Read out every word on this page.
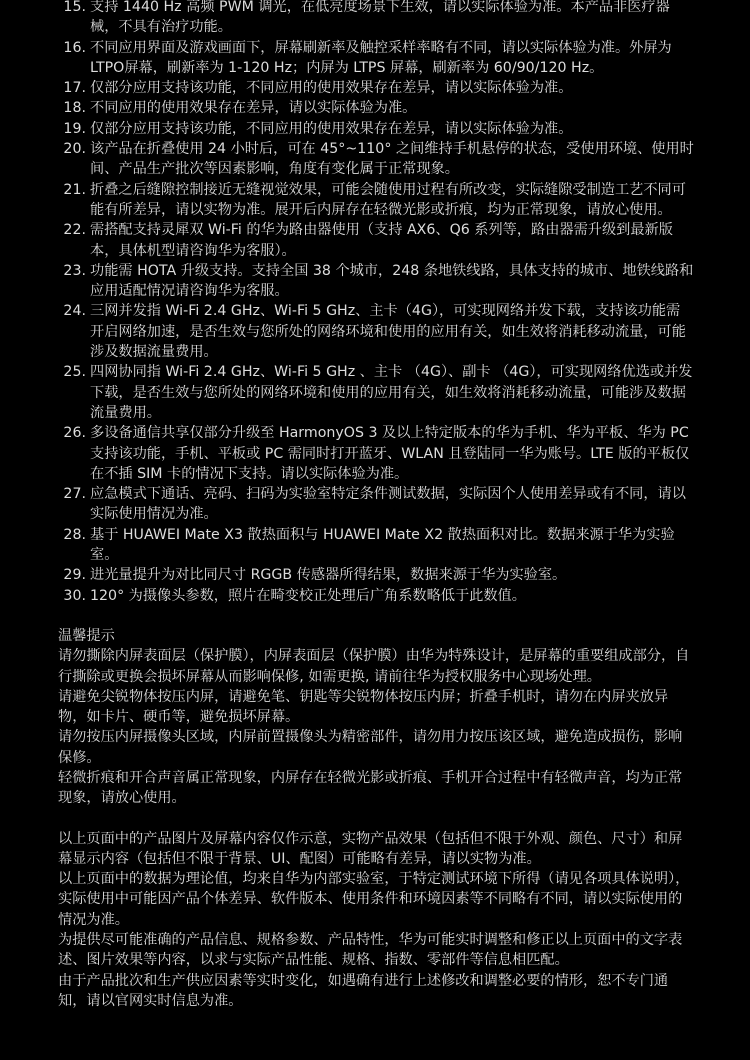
15. 支持 1440 Hz 高频 PWM 调光，在低亮度场景下生效，请以实际体验为准。本产品非医疗器械，不具有治疗功能。
16. 不同应用界面及游戏画面下，屏幕刷新率及触控采样率略有不同，请以实际体验为准。外屏为LTPO屏幕，刷新率为 1-120 Hz；内屏为 LTPS 屏幕，刷新率为 60/90/120 Hz。
17. 仅部分应用支持该功能，不同应用的使用效果存在差异，请以实际体验为准。
18. 不同应用的使用效果存在差异，请以实际体验为准。
19. 仅部分应用支持该功能，不同应用的使用效果存在差异，请以实际体验为准。
20. 该产品在折叠使用 24 小时后，可在 45°~110° 之间维持手机悬停的状态，受使用环境、使用时间、产品生产批次等因素影响，角度有变化属于正常现象。
21. 折叠之后缝隙控制接近无缝视觉效果，可能会随使用过程有所改变，实际缝隙受制造工艺不同可能有所差异，请以实物为准。展开后内屏存在轻微光影或折痕，均为正常现象，请放心使用。
22. 需搭配支持灵犀双 Wi-Fi 的华为路由器使用（支持 AX6、Q6 系列等，路由器需升级到最新版本，具体机型请咨询华为客服）。
23. 功能需 HOTA 升级支持。支持全国 38 个城市，248 条地铁线路，具体支持的城市、地铁线路和应用适配情况请咨询华为客服。
24. 三网并发指 Wi-Fi 2.4 GHz、Wi-Fi 5 GHz、主卡（4G），可实现网络并发下载，支持该功能需开启网络加速，是否生效与您所处的网络环境和使用的应用有关，如生效将消耗移动流量，可能涉及数据流量费用。
25. 四网协同指 Wi-Fi 2.4 GHz、Wi-Fi 5 GHz 、主卡 （4G）、副卡 （4G），可实现网络优选或并发下载，是否生效与您所处的网络环境和使用的应用有关，如生效将消耗移动流量，可能涉及数据流量费用。
26. 多设备通信共享仅部分升级至 HarmonyOS 3 及以上特定版本的华为手机、华为平板、华为 PC 支持该功能，手机、平板或 PC 需同时打开蓝牙、WLAN 且登陆同一华为账号。LTE 版的平板仅在不插 SIM 卡的情况下支持。请以实际体验为准。
27. 应急模式下通话、亮码、扫码为实验室特定条件测试数据，实际因个人使用差异或有不同，请以实际使用情况为准。
28. 基于 HUAWEI Mate X3 散热面积与 HUAWEI Mate X2 散热面积对比。数据来源于华为实验室。
29. 进光量提升为对比同尺寸 RGGB 传感器所得结果，数据来源于华为实验室。
30. 120° 为摄像头参数，照片在畸变校正处理后广角系数略低于此数值。
温馨提示

请勿撕除内屏表面层（保护膜），内屏表面层（保护膜）由华为特殊设计，是屏幕的重要组成部分，自行撕除或更换会损坏屏幕从而影响保修, 如需更换, 请前往华为授权服务中心现场处理。

请避免尖锐物体按压内屏，请避免笔、钥匙等尖锐物体按压内屏；折叠手机时，请勿在内屏夹放异物，如卡片、硬币等，避免损坏屏幕。

请勿按压内屏摄像头区域，内屏前置摄像头为精密部件，请勿用力按压该区域，避免造成损伤，影响保修。

轻微折痕和开合声音属正常现象，内屏存在轻微光影或折痕、手机开合过程中有轻微声音，均为正常现象，请放心使用。

以上页面中的产品图片及屏幕内容仅作示意，实物产品效果（包括但不限于外观、颜色、尺寸）和屏幕显示内容（包括但不限于背景、UI、配图）可能略有差异，请以实物为准。

以上页面中的数据为理论值，均来自华为内部实验室，于特定测试环境下所得（请见各项具体说明），实际使用中可能因产品个体差异、软件版本、使用条件和环境因素等不同略有不同，请以实际使用的情况为准。

为提供尽可能准确的产品信息、规格参数、产品特性，华为可能实时调整和修正以上页面中的文字表述、图片效果等内容，以求与实际产品性能、规格、指数、零部件等信息相匹配。

由于产品批次和生产供应因素等实时变化，如遇确有进行上述修改和调整必要的情形，恕不专门通知，请以官网实时信息为准。
